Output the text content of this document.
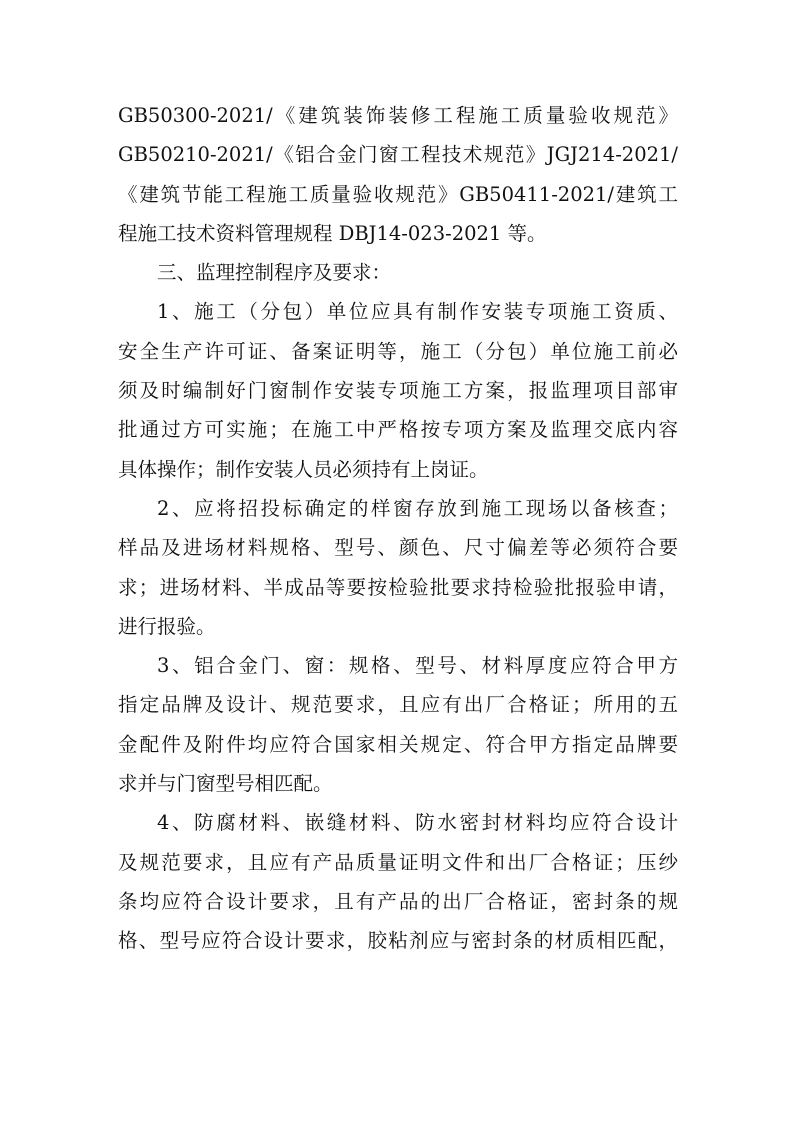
GB50300-2021/《建筑装饰装修工程施工质量验收规范》
GB50210-2021/《铝合金门窗工程技术规范》JGJ214-2021/
《建筑节能工程施工质量验收规范》GB50411-2021/建筑工
程施工技术资料管理规程 DBJ14-023-2021 等。
三、监理控制程序及要求：
1、施工（分包）单位应具有制作安装专项施工资质、
安全生产许可证、备案证明等，施工（分包）单位施工前必
须及时编制好门窗制作安装专项施工方案，报监理项目部审
批通过方可实施；在施工中严格按专项方案及监理交底内容
具体操作；制作安装人员必须持有上岗证。
2、应将招投标确定的样窗存放到施工现场以备核查；
样品及进场材料规格、型号、颜色、尺寸偏差等必须符合要
求；进场材料、半成品等要按检验批要求持检验批报验申请，
进行报验。
3、铝合金门、窗：规格、型号、材料厚度应符合甲方
指定品牌及设计、规范要求，且应有出厂合格证；所用的五
金配件及附件均应符合国家相关规定、符合甲方指定品牌要
求并与门窗型号相匹配。
4、防腐材料、嵌缝材料、防水密封材料均应符合设计
及规范要求，且应有产品质量证明文件和出厂合格证；压纱
条均应符合设计要求，且有产品的出厂合格证，密封条的规
格、型号应符合设计要求，胶粘剂应与密封条的材质相匹配，
